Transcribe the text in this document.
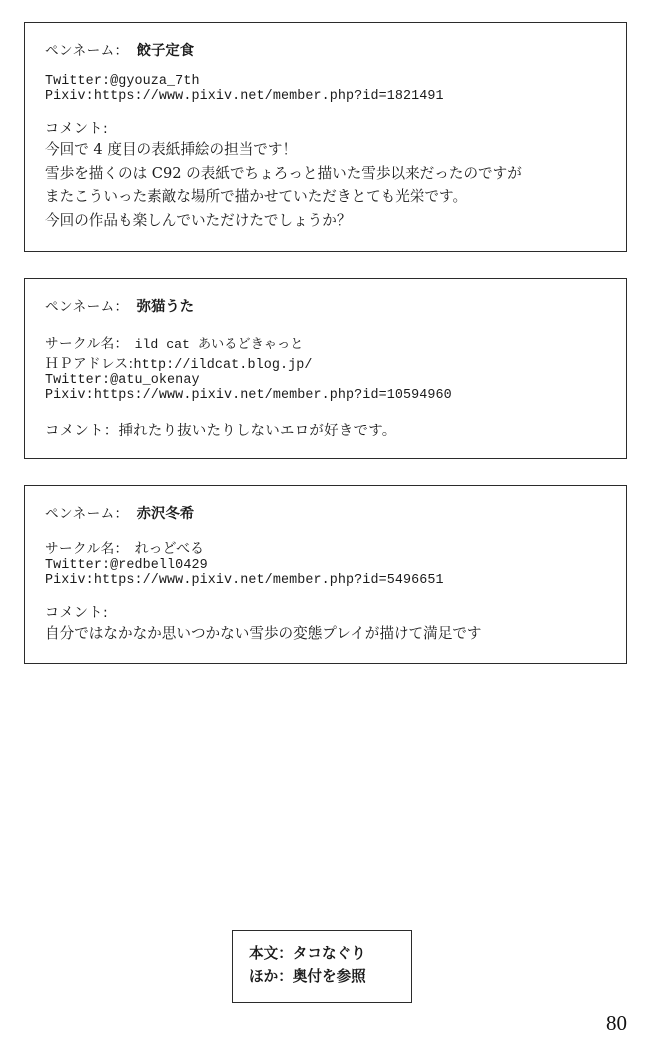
ペンネーム： 餃子定食
Twitter: @gyouza_7th
Pixiv: https://www.pixiv.net/member.php?id=1821491
コメント:
今回で 4 度目の表紙挿絵の担当です！
雪歩を描くのは C92 の表紙でちょろっと描いた雪歩以来だったのですが
またこういった素敵な場所で描かせていただきとても光栄です。
今回の作品も楽しんでいただけたでしょうか？
ペンネーム： 弥猫うた
サークル名： ild cat あいるどきゃっと
ＨＰアドレス: http://ildcat.blog.jp/
Twitter: @atu_okenay
Pixiv: https://www.pixiv.net/member.php?id=10594960
コメント：挿れたり抜いたりしないエロが好きです。
ペンネーム： 赤沢冬希
サークル名： れっどべる
Twitter: @redbell0429
Pixiv: https://www.pixiv.net/member.php?id=5496651
コメント:
自分ではなかなか思いつかない雪歩の変態プレイが描けて満足です
本文：タコなぐり
ほか：奥付を参照
80
